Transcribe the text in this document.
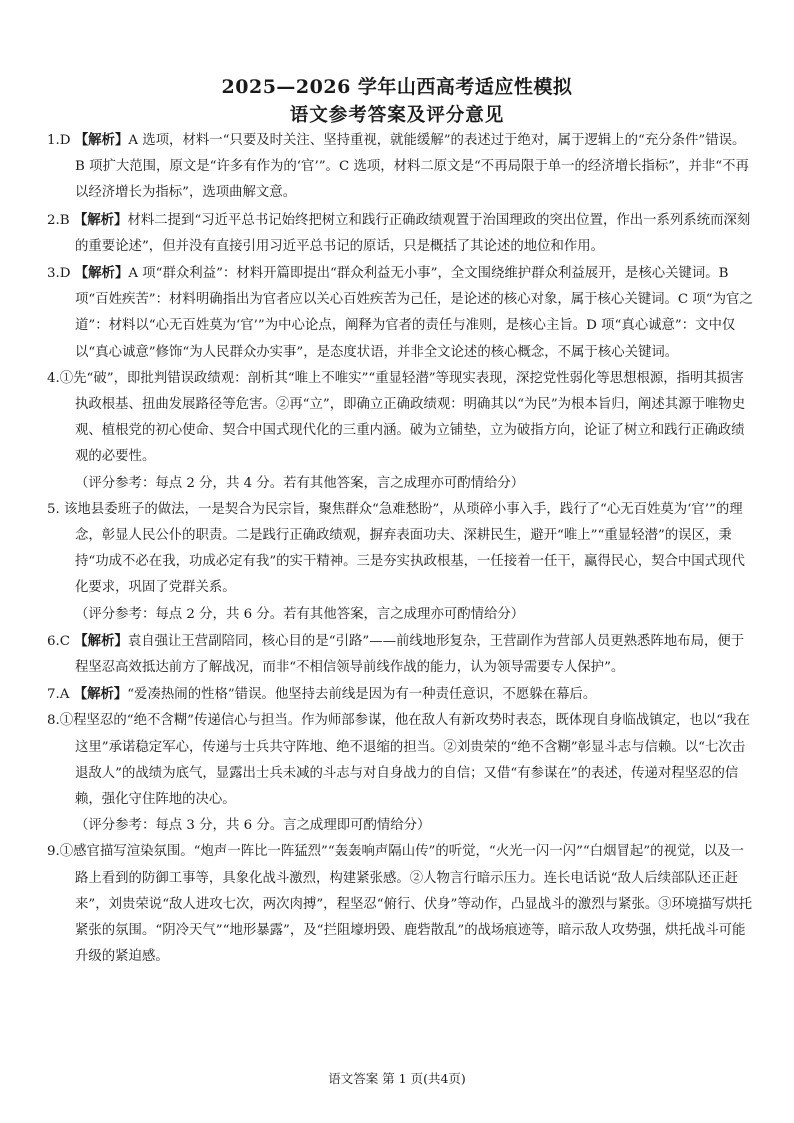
2025—2026 学年山西高考适应性模拟
语文参考答案及评分意见

1.D 【解析】A 选项，材料一“只要及时关注、坚持重视，就能缓解”的表述过于绝对，属于逻辑上的“充分条件”错误。B 项扩大范围，原文是“许多有作为的‘官’”。C 选项，材料二原文是“不再局限于单一的经济增长指标”，并非“不再以经济增长为指标”，选项曲解文意。

2.B 【解析】材料二提到“习近平总书记始终把树立和践行正确政绩观置于治国理政的突出位置，作出一系列系统而深刻的重要论述”，但并没有直接引用习近平总书记的原话，只是概括了其论述的地位和作用。

3.D 【解析】A 项“群众利益”：材料开篇即提出“群众利益无小事”，全文围绕维护群众利益展开，是核心关键词。B 项“百姓疾苦”：材料明确指出为官者应以关心百姓疾苦为己任，是论述的核心对象，属于核心关键词。C 项“为官之道”：材料以“心无百姓莫为‘官’”为中心论点，阐释为官者的责任与准则，是核心主旨。D 项“真心诚意”：文中仅以“真心诚意”修饰“为人民群众办实事”，是态度状语，并非全文论述的核心概念，不属于核心关键词。

4.①先“破”，即批判错误政绩观：剖析其“唯上不唯实”“重显轻潜”等现实表现，深挖党性弱化等思想根源，指明其损害执政根基、扭曲发展路径等危害。②再“立”，即确立正确政绩观：明确其以“为民”为根本旨归，阐述其源于唯物史观、植根党的初心使命、契合中国式现代化的三重内涵。破为立铺垫，立为破指方向，论证了树立和践行正确政绩观的必要性。

（评分参考：每点 2 分，共 4 分。若有其他答案，言之成理亦可酌情给分）

5. 该地县委班子的做法，一是契合为民宗旨，聚焦群众“急难愁盼”，从琐碎小事入手，践行了“心无百姓莫为‘官’”的理念，彰显人民公仆的职责。二是践行正确政绩观，摒弃表面功夫、深耕民生，避开“唯上”“重显轻潜”的误区，秉持“功成不必在我，功成必定有我”的实干精神。三是夯实执政根基，一任接着一任干，赢得民心，契合中国式现代化要求，巩固了党群关系。

（评分参考：每点 2 分，共 6 分。若有其他答案，言之成理亦可酌情给分）

6.C 【解析】袁自强让王营副陪同，核心目的是“引路”——前线地形复杂，王营副作为营部人员更熟悉阵地布局，便于程坚忍高效抵达前方了解战况，而非“不相信领导前线作战的能力，认为领导需要专人保护”。

7.A 【解析】“爱凑热闹的性格”错误。他坚持去前线是因为有一种责任意识，不愿躲在幕后。

8.①程坚忍的“绝不含糊”传递信心与担当。作为师部参谋，他在敌人有新攻势时表态，既体现自身临战镇定，也以“我在这里”承诺稳定军心，传递与士兵共守阵地、绝不退缩的担当。②刘贵荣的“绝不含糊”彰显斗志与信赖。以“七次击退敌人”的战绩为底气，显露出士兵未减的斗志与对自身战力的自信；又借“有参谋在”的表述，传递对程坚忍的信赖，强化守住阵地的决心。

（评分参考：每点 3 分，共 6 分。言之成理即可酌情给分）

9.①感官描写渲染氛围。“炮声一阵比一阵猛烈”“轰轰响声隔山传”的听觉，“火光一闪一闪”“白烟冒起”的视觉，以及一路上看到的防御工事等，具象化战斗激烈，构建紧张感。②人物言行暗示压力。连长电话说“敌人后续部队还正赶来”，刘贵荣说“敌人进攻七次，两次肉搏”，程坚忍“俯行、伏身”等动作，凸显战斗的激烈与紧张。③环境描写烘托紧张的氛围。“阴冷天气”“地形暴露”，及“拦阻壕坍毁、鹿砦散乱”的战场痕迹等，暗示敌人攻势强，烘托战斗可能升级的紧迫感。

语文答案 第 1 页(共4页)
